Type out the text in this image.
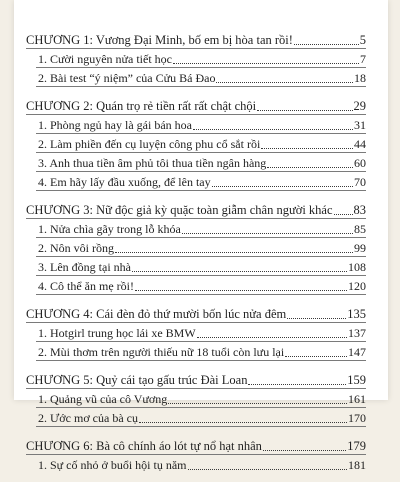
CHƯƠNG 1: Vương Đại Minh, bố em bị hòa tan rồi!	5
1. Cười nguyên nửa tiết học	7
2. Bài test “ý niệm” của Cửu Bá Đao	18
CHƯƠNG 2: Quán trọ rẻ tiền rất rất chật chội	29
1. Phòng ngủ hay là gái bán hoa	31
2. Làm phiền đến cụ luyện công phu cổ sắt rồi	44
3. Anh thua tiền âm phủ tôi thua tiền ngân hàng	60
4. Em hãy lấy đầu xuống, để lên tay	70
CHƯƠNG 3: Nữ độc giả kỳ quặc toàn giẫm chân người khác 83
1. Nửa chìa gãy trong lỗ khóa	85
2. Nôn vôi rồng	99
3. Lên đồng tại nhà	108
4. Cô thể ăn mẹ rồi!	120
CHƯƠNG 4: Cái đèn đỏ thứ mười bốn lúc nửa đêm	135
1. Hotgirl trung học lái xe BMW	137
2. Mùi thơm trên người thiếu nữ 18 tuổi còn lưu lại	147
CHƯƠNG 5: Quỷ cái tạo gấu trúc Đài Loan	159
1. Quảng vũ của cô Vương	161
2. Ước mơ của bà cụ	170
CHƯƠNG 6: Bà cô chính áo lót tự nổ hạt nhân	179
1. Sự cố nhỏ ở buổi hội tụ năm	181
